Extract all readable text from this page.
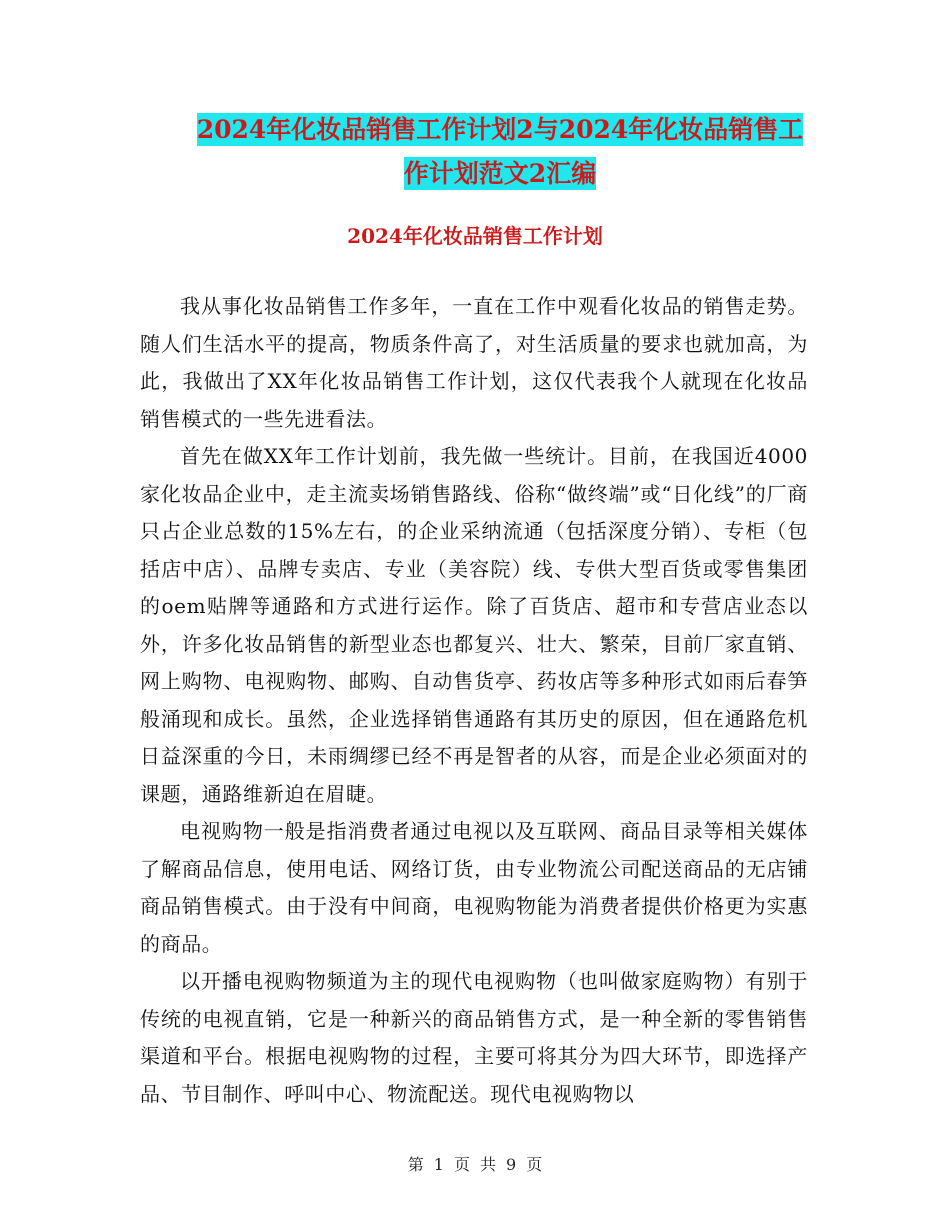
2024年化妆品销售工作计划2与2024年化妆品销售工
作计划范文2汇编
2024年化妆品销售工作计划

我从事化妆品销售工作多年，一直在工作中观看化妆品的销售走势。随人们生活水平的提高，物质条件高了，对生活质量的要求也就加高，为此，我做出了XX年化妆品销售工作计划，这仅代表我个人就现在化妆品销售模式的一些先进看法。

首先在做XX年工作计划前，我先做一些统计。目前，在我国近4000家化妆品企业中，走主流卖场销售路线、俗称“做终端”或“日化线”的厂商只占企业总数的15%左右，的企业采纳流通（包括深度分销）、专柜（包括店中店）、品牌专卖店、专业（美容院）线、专供大型百货或零售集团的oem贴牌等通路和方式进行运作。除了百货店、超市和专营店业态以外，许多化妆品销售的新型业态也都复兴、壮大、繁荣，目前厂家直销、网上购物、电视购物、邮购、自动售货亭、药妆店等多种形式如雨后春笋般涌现和成长。虽然，企业选择销售通路有其历史的原因，但在通路危机日益深重的今日，未雨绸缪已经不再是智者的从容，而是企业必须面对的课题，通路维新迫在眉睫。

电视购物一般是指消费者通过电视以及互联网、商品目录等相关媒体了解商品信息，使用电话、网络订货，由专业物流公司配送商品的无店铺商品销售模式。由于没有中间商，电视购物能为消费者提供价格更为实惠的商品。

以开播电视购物频道为主的现代电视购物（也叫做家庭购物）有别于传统的电视直销，它是一种新兴的商品销售方式，是一种全新的零售销售渠道和平台。根据电视购物的过程，主要可将其分为四大环节，即选择产品、节目制作、呼叫中心、物流配送。现代电视购物以

第 1 页 共 9 页
